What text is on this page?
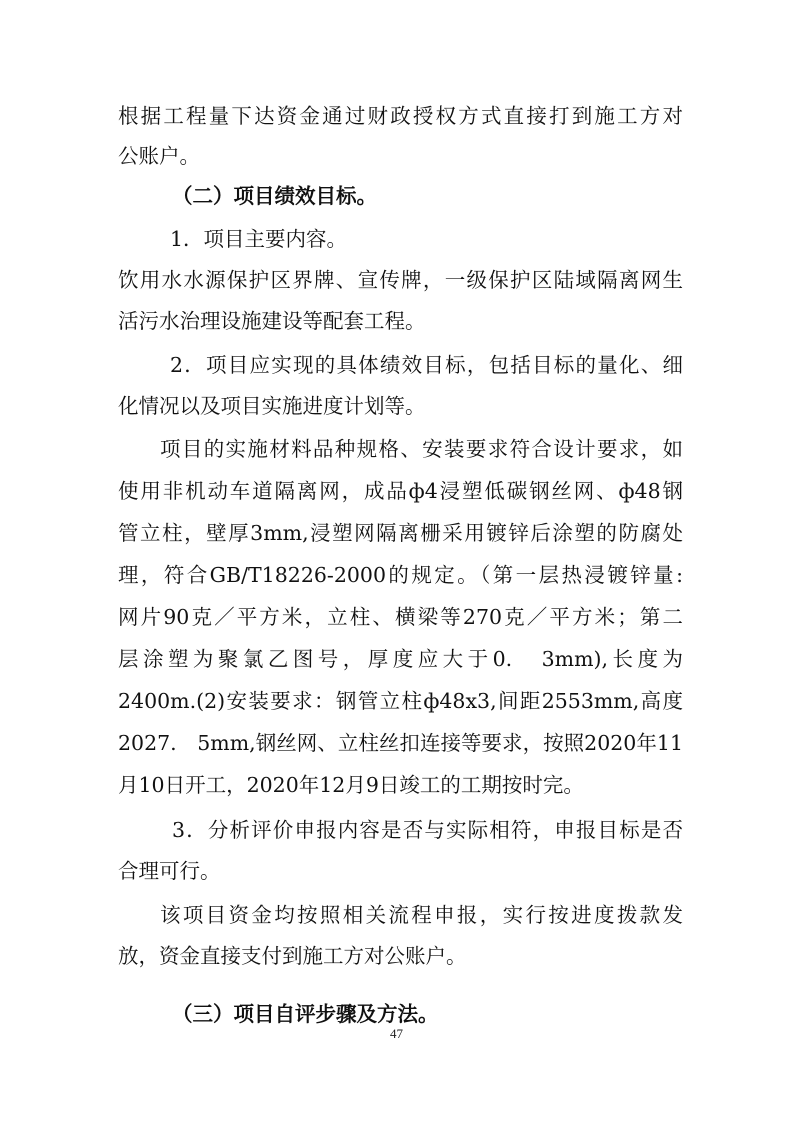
根据工程量下达资金通过财政授权方式直接打到施工方对
公账户。
（二）项目绩效目标。
1．项目主要内容。
饮用水水源保护区界牌、宣传牌，一级保护区陆域隔离网生
活污水治理设施建设等配套工程。
2．项目应实现的具体绩效目标，包括目标的量化、细
化情况以及项目实施进度计划等。
项目的实施材料品种规格、安装要求符合设计要求，如
使用非机动车道隔离网，成品ф4浸塑低碳钢丝网、ф48钢
管立柱，壁厚3mm,浸塑网隔离栅采用镀锌后涂塑的防腐处
理，符合GB/T18226-2000的规定。（第一层热浸镀锌量:
网片90克／平方米，立柱、横梁等270克／平方米；第二
层涂塑为聚氯乙图号，厚度应大于0.　3mm),长度为
2400m.(2)安装要求：钢管立柱ф48x3,间距2553mm,高度
2027.　5mm,钢丝网、立柱丝扣连接等要求，按照2020年11
月10日开工，2020年12月9日竣工的工期按时完。
3．分析评价申报内容是否与实际相符，申报目标是否
合理可行。
该项目资金均按照相关流程申报，实行按进度拨款发
放，资金直接支付到施工方对公账户。
（三）项目自评步骤及方法。
47
